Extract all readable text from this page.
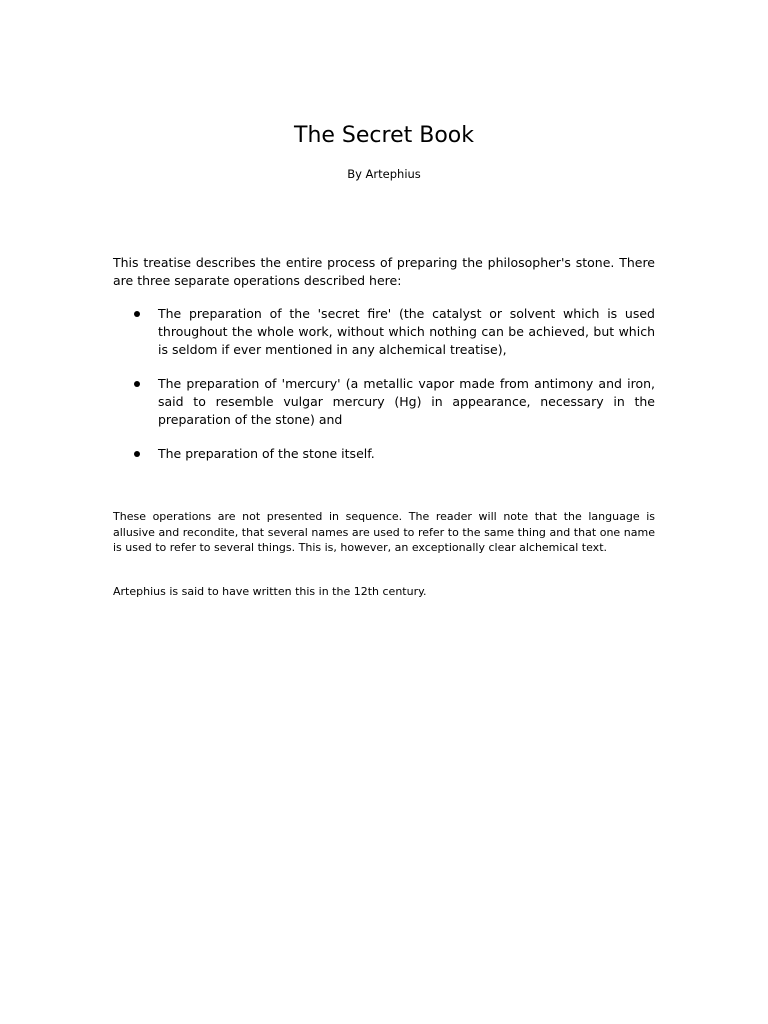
The Secret Book

By Artephius

This treatise describes the entire process of preparing the philosopher's stone. There are three separate operations described here:

The preparation of the 'secret fire' (the catalyst or solvent which is used throughout the whole work, without which nothing can be achieved, but which is seldom if ever mentioned in any alchemical treatise),
The preparation of 'mercury' (a metallic vapor made from antimony and iron, said to resemble vulgar mercury (Hg) in appearance, necessary in the preparation of the stone) and
The preparation of the stone itself.

These operations are not presented in sequence. The reader will note that the language is allusive and recondite, that several names are used to refer to the same thing and that one name is used to refer to several things. This is, however, an exceptionally clear alchemical text.

Artephius is said to have written this in the 12th century.
